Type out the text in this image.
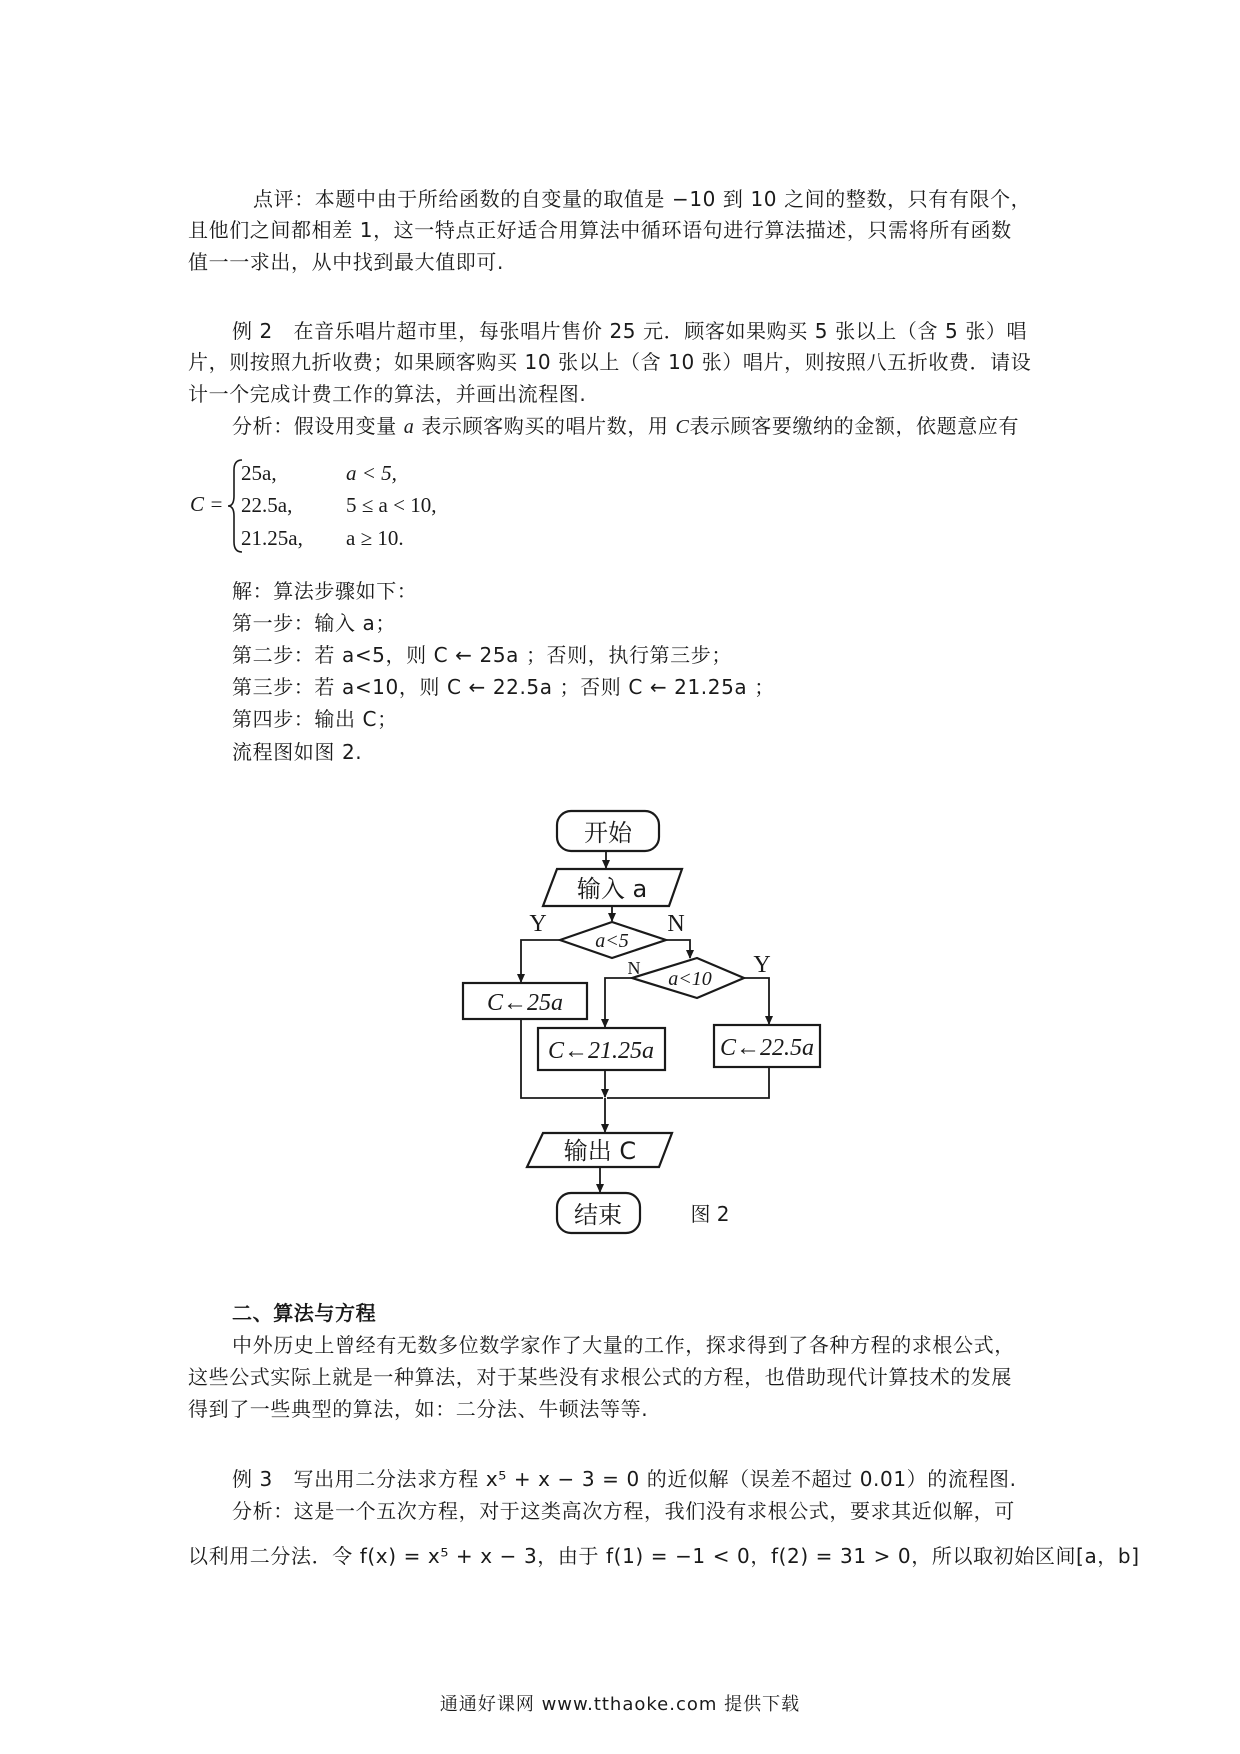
点评：本题中由于所给函数的自变量的取值是 −10 到 10 之间的整数，只有有限个，
且他们之间都相差 1，这一特点正好适合用算法中循环语句进行算法描述，只需将所有函数
值一一求出，从中找到最大值即可.
例 2　在音乐唱片超市里，每张唱片售价 25 元．顾客如果购买 5 张以上（含 5 张）唱
片，则按照九折收费；如果顾客购买 10 张以上（含 10 张）唱片，则按照八五折收费．请设
计一个完成计费工作的算法，并画出流程图.
分析：假设用变量 a 表示顾客购买的唱片数，用 C表示顾客要缴纳的金额，依题意应有
C =
25a,	a < 5,
22.5a,	5 ≤ a < 10,
21.25a, a ≥ 10.
解：算法步骤如下：
第一步：输入 a；
第二步：若 a<5，则 C ← 25a ；否则，执行第三步；
第三步：若 a<10，则 C ← 22.5a ；否则 C ← 21.25a ；
第四步：输出 C；
流程图如图 2.
开始
输入 a
a<5
a<10
Y	N
N	Y
C←25a
C←21.25a	C←22.5a
输出 C
结束	图 2
二、算法与方程
中外历史上曾经有无数多位数学家作了大量的工作，探求得到了各种方程的求根公式，
这些公式实际上就是一种算法，对于某些没有求根公式的方程，也借助现代计算技术的发展
得到了一些典型的算法，如：二分法、牛顿法等等.
例 3　写出用二分法求方程 x⁵ + x − 3 = 0 的近似解（误差不超过 0.01）的流程图.
分析：这是一个五次方程，对于这类高次方程，我们没有求根公式，要求其近似解，可
以利用二分法．令 f(x) = x⁵ + x − 3，由于 f(1) = −1 < 0，f(2) = 31 > 0，所以取初始区间[a，b]
通通好课网 www.tthaoke.com 提供下载
